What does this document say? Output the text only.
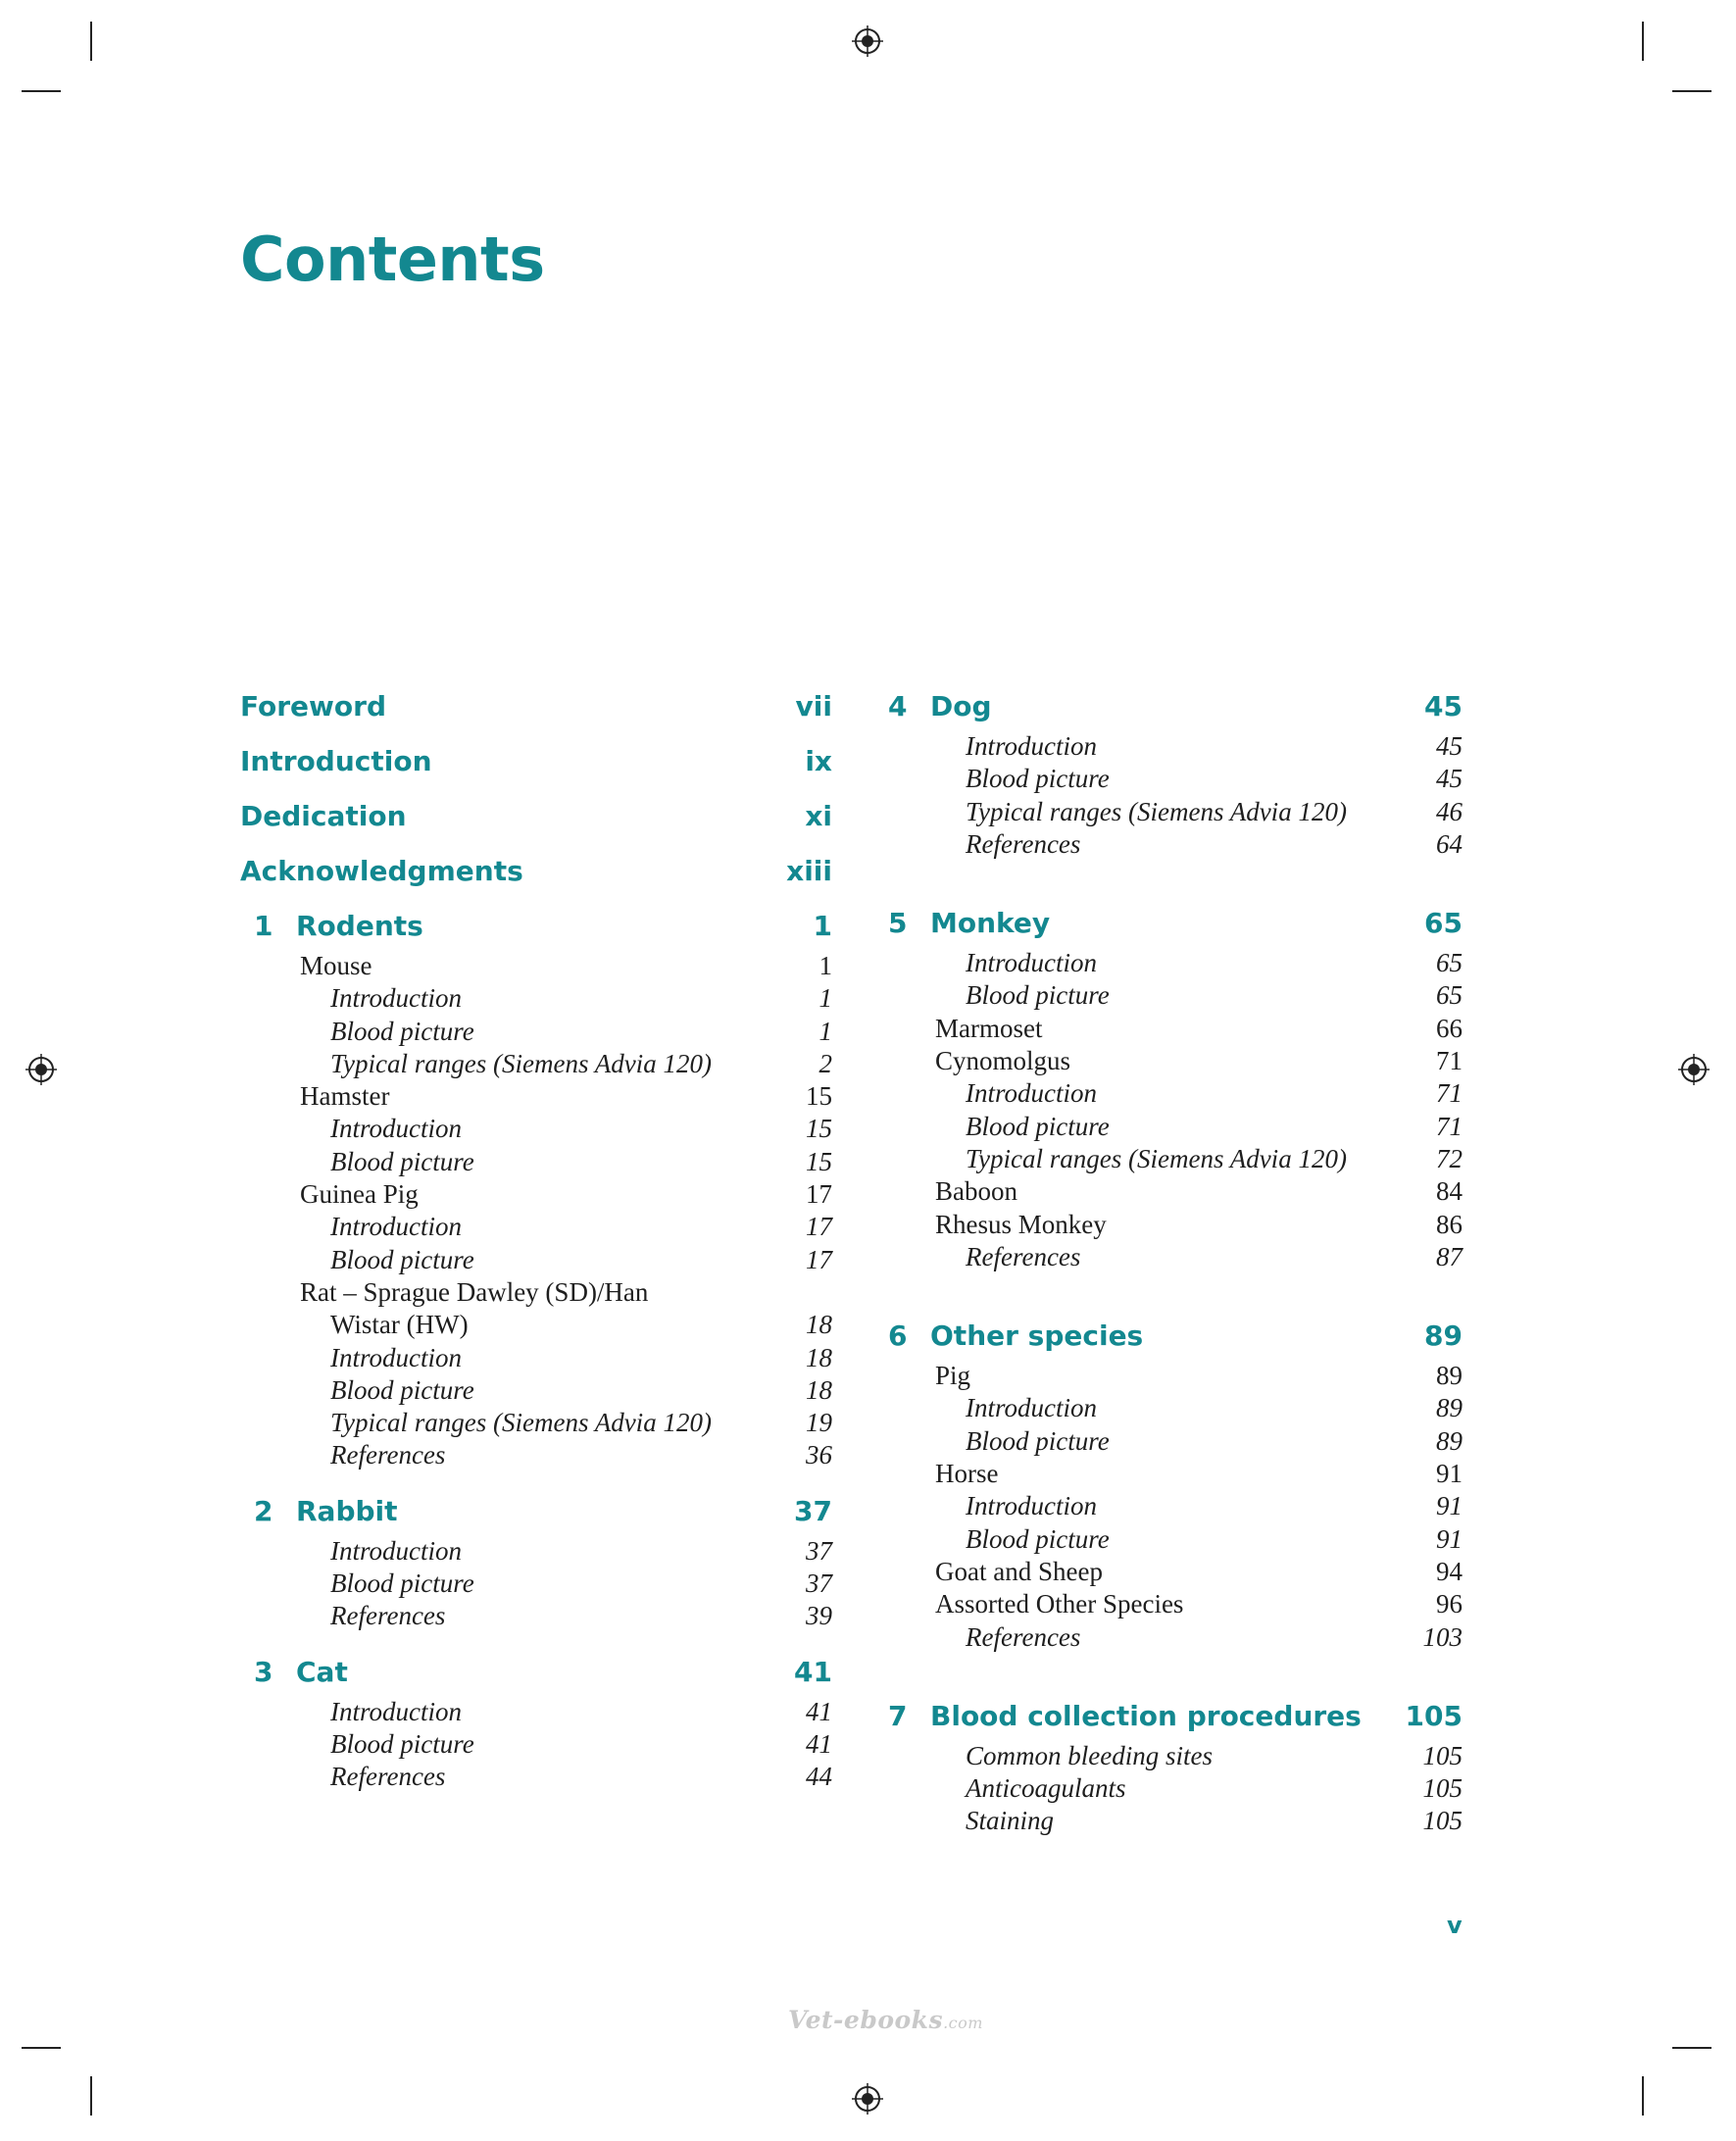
Contents
Foreword	vii
Introduction	ix
Dedication	xi
Acknowledgments	xiii
1 Rodents	1
Mouse	1
Introduction	1
Blood picture	1
Typical ranges (Siemens Advia 120)	2
Hamster	15
Introduction	15
Blood picture	15
Guinea Pig	17
Introduction	17
Blood picture	17
Rat – Sprague Dawley (SD)/Han
Wistar (HW)	18
Introduction	18
Blood picture	18
Typical ranges (Siemens Advia 120)	19
References	36
2 Rabbit	37
Introduction	37
Blood picture	37
References	39
3 Cat	41
Introduction	41
Blood picture	41
References	44
4 Dog	45
Introduction	45
Blood picture	45
Typical ranges (Siemens Advia 120)	46
References	64
5 Monkey	65
Introduction	65
Blood picture	65
Marmoset	66
Cynomolgus	71
Introduction	71
Blood picture	71
Typical ranges (Siemens Advia 120)	72
Baboon	84
Rhesus Monkey	86
References	87
6 Other species	89
Pig	89
Introduction	89
Blood picture	89
Horse	91
Introduction	91
Blood picture	91
Goat and Sheep	94
Assorted Other Species	96
References	103
7 Blood collection procedures	105
Common bleeding sites	105
Anticoagulants	105
Staining	105
v
Vet-ebooks.com
